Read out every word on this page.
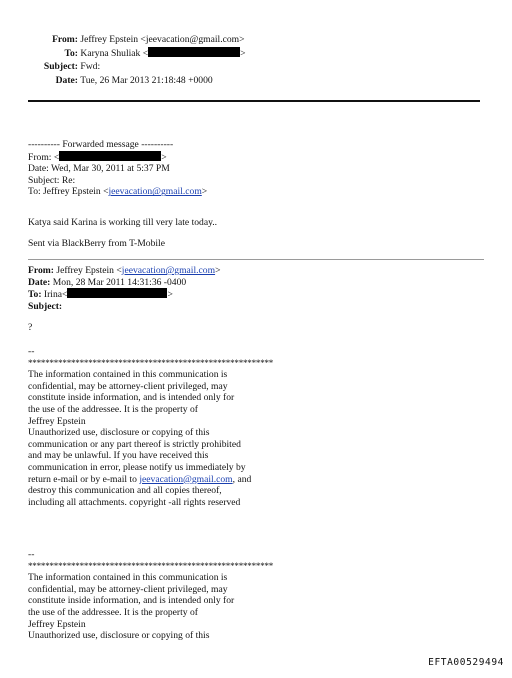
From: Jeffrey Epstein <jeevacation@gmail.com>
To: Karyna Shuliak <	>
Subject: Fwd:
Date: Tue, 26 Mar 2013 21:18:48 +0000
---------- Forwarded message ----------
From: <	>
Date: Wed, Mar 30, 2011 at 5:37 PM
Subject: Re:
To: Jeffrey Epstein <jeevacation@gmail.com>
Katya said Karina is working till very late today..
Sent via BlackBerry from T-Mobile
From: Jeffrey Epstein <jeevacation@gmail.com>
Date: Mon, 28 Mar 2011 14:31:36 -0400
To: Irina<	>
Subject:
?
--
*********************************************************
The information contained in this communication is
confidential, may be attorney-client privileged, may
constitute inside information, and is intended only for
the use of the addressee. It is the property of
Jeffrey Epstein
Unauthorized use, disclosure or copying of this
communication or any part thereof is strictly prohibited
and may be unlawful. If you have received this
communication in error, please notify us immediately by
return e-mail or by e-mail to jeevacation@gmail.com, and
destroy this communication and all copies thereof,
including all attachments. copyright -all rights reserved
--
*********************************************************
The information contained in this communication is
confidential, may be attorney-client privileged, may
constitute inside information, and is intended only for
the use of the addressee. It is the property of
Jeffrey Epstein
Unauthorized use, disclosure or copying of this
EFTA00529494
